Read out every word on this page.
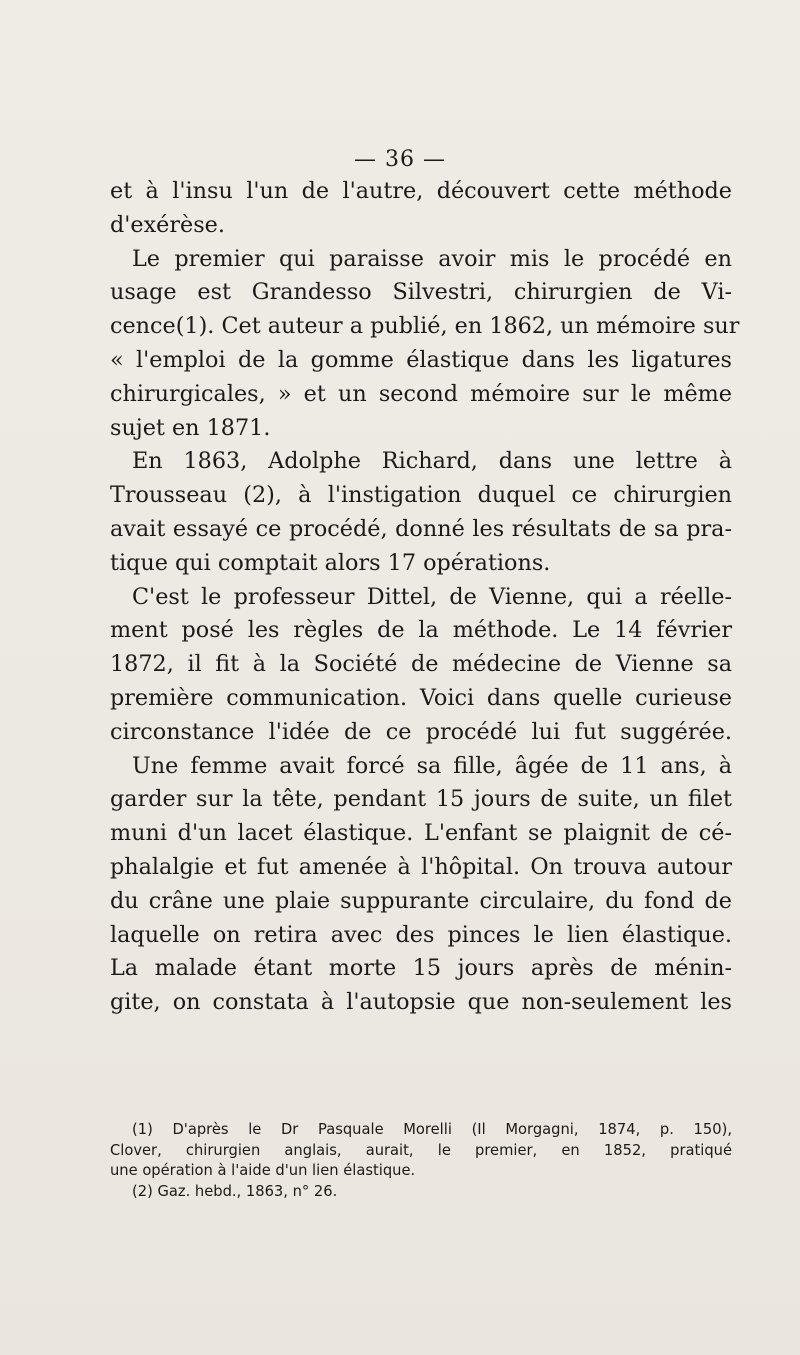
— 36 —
et à l'insu l'un de l'autre, découvert cette méthode
d'exérèse.
Le premier qui paraisse avoir mis le procédé en
usage est Grandesso Silvestri, chirurgien de Vi-
cence(1). Cet auteur a publié, en 1862, un mémoire sur
« l'emploi de la gomme élastique dans les ligatures
chirurgicales, » et un second mémoire sur le même
sujet en 1871.
En 1863, Adolphe Richard, dans une lettre à
Trousseau (2), à l'instigation duquel ce chirurgien
avait essayé ce procédé, donné les résultats de sa pra-
tique qui comptait alors 17 opérations.
C'est le professeur Dittel, de Vienne, qui a réelle-
ment posé les règles de la méthode. Le 14 février
1872, il fit à la Société de médecine de Vienne sa
première communication. Voici dans quelle curieuse
circonstance l'idée de ce procédé lui fut suggérée.
Une femme avait forcé sa fille, âgée de 11 ans, à
garder sur la tête, pendant 15 jours de suite, un filet
muni d'un lacet élastique. L'enfant se plaignit de cé-
phalalgie et fut amenée à l'hôpital. On trouva autour
du crâne une plaie suppurante circulaire, du fond de
laquelle on retira avec des pinces le lien élastique.
La malade étant morte 15 jours après de ménin-
gite, on constata à l'autopsie que non-seulement les
(1) D'après le Dr Pasquale Morelli (Il Morgagni, 1874, p. 150),
Clover, chirurgien anglais, aurait, le premier, en 1852, pratiqué
une opération à l'aide d'un lien élastique.
(2) Gaz. hebd., 1863, n° 26.
